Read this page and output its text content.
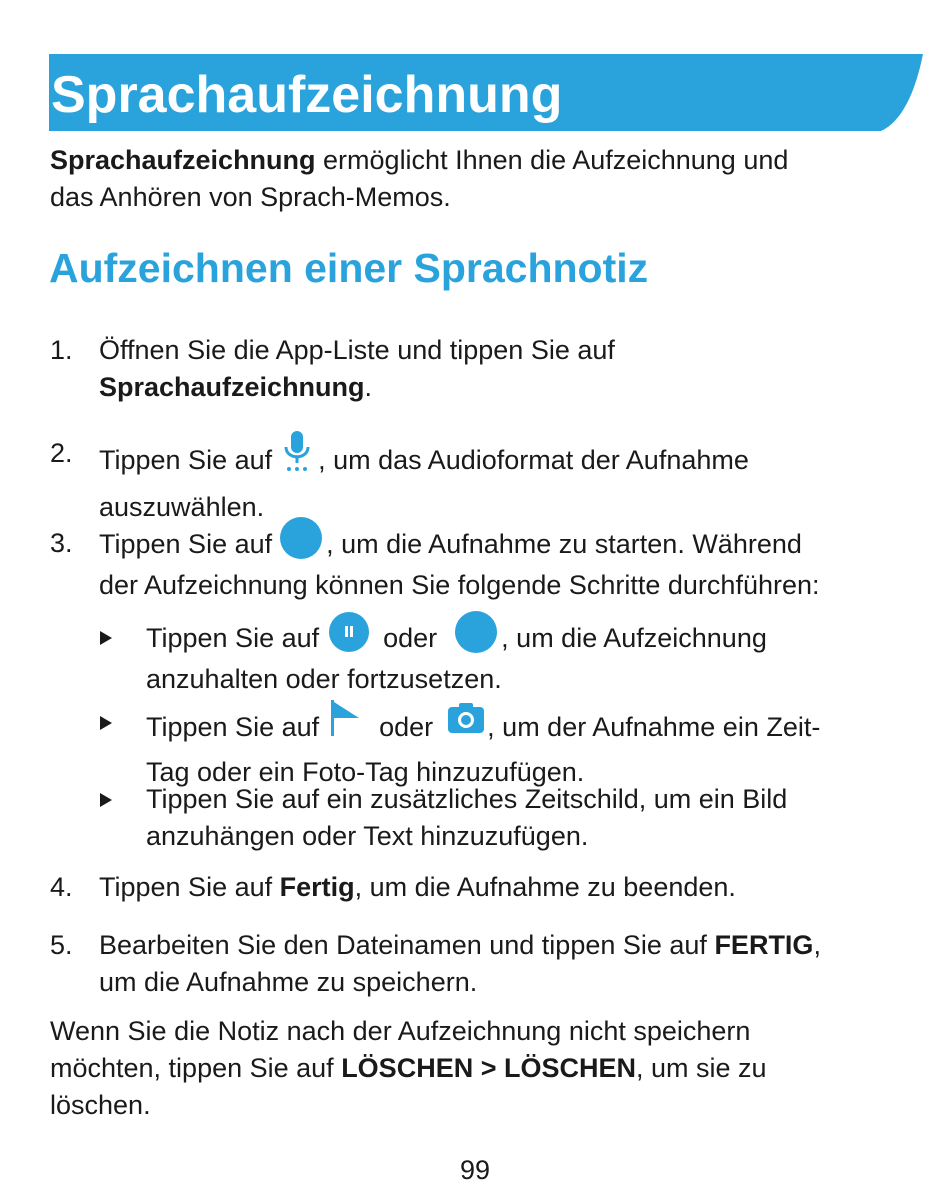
Sprachaufzeichnung

Sprachaufzeichnung ermöglicht Ihnen die Aufzeichnung und
das Anhören von Sprach-Memos.

Aufzeichnen einer Sprachnotiz
1. Öffnen Sie die App-Liste und tippen Sie auf
Sprachaufzeichnung.

2. Tippen Sie auf , um das Audioformat der Aufnahme
auszuwählen.

3. Tippen Sie auf , um die Aufnahme zu starten. Während
der Aufzeichnung können Sie folgende Schritte durchführen:

Tippen Sie auf oder , um die Aufzeichnung
anzuhalten oder fortzusetzen.

Tippen Sie auf oder , um der Aufnahme ein Zeit-
Tag oder ein Foto-Tag hinzuzufügen.

Tippen Sie auf ein zusätzliches Zeitschild, um ein Bild
anzuhängen oder Text hinzuzufügen.

4. Tippen Sie auf Fertig, um die Aufnahme zu beenden.

5. Bearbeiten Sie den Dateinamen und tippen Sie auf FERTIG,
um die Aufnahme zu speichern.

Wenn Sie die Notiz nach der Aufzeichnung nicht speichern
möchten, tippen Sie auf LÖSCHEN > LÖSCHEN, um sie zu
löschen.

99
